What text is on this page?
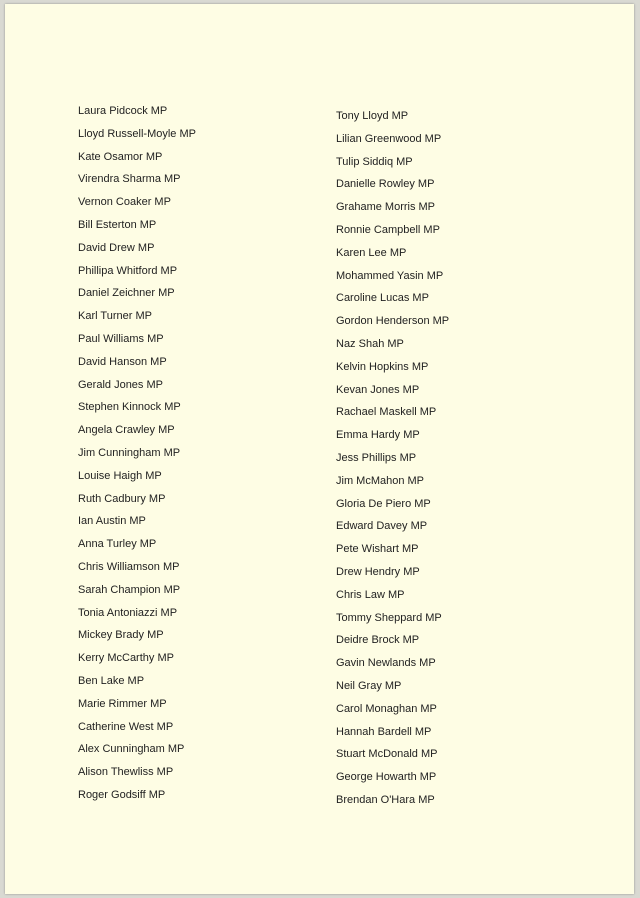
Laura Pidcock MP
Lloyd Russell-Moyle MP
Kate Osamor MP
Virendra Sharma MP
Vernon Coaker MP
Bill Esterton MP
David Drew MP
Phillipa Whitford MP
Daniel Zeichner MP
Karl Turner MP
Paul Williams MP
David Hanson MP
Gerald Jones MP
Stephen Kinnock MP
Angela Crawley MP
Jim Cunningham MP
Louise Haigh MP
Ruth Cadbury MP
Ian Austin MP
Anna Turley MP
Chris Williamson MP
Sarah Champion MP
Tonia Antoniazzi MP
Mickey Brady MP
Kerry McCarthy MP
Ben Lake MP
Marie Rimmer MP
Catherine West MP
Alex Cunningham MP
Alison Thewliss MP
Roger Godsiff MP
Tony Lloyd MP
Lilian Greenwood MP
Tulip Siddiq MP
Danielle Rowley MP
Grahame Morris MP
Ronnie Campbell MP
Karen Lee MP
Mohammed Yasin MP
Caroline Lucas MP
Gordon Henderson MP
Naz Shah MP
Kelvin Hopkins MP
Kevan Jones MP
Rachael Maskell MP
Emma Hardy MP
Jess Phillips MP
Jim McMahon MP
Gloria De Piero MP
Edward Davey MP
Pete Wishart MP
Drew Hendry MP
Chris Law MP
Tommy Sheppard MP
Deidre Brock MP
Gavin Newlands MP
Neil Gray MP
Carol Monaghan MP
Hannah Bardell MP
Stuart McDonald MP
George Howarth MP
Brendan O'Hara MP
